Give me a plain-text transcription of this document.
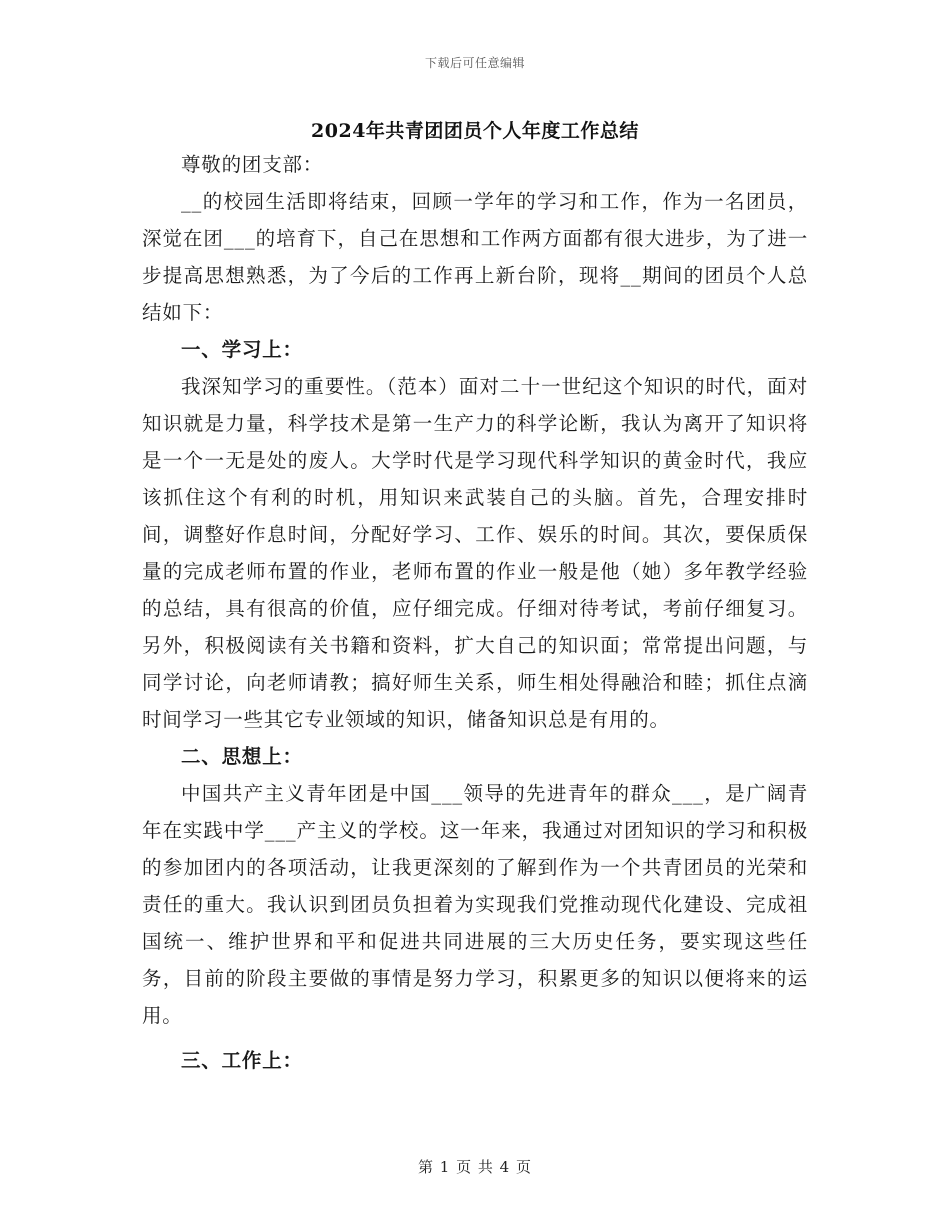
下载后可任意编辑
2024年共青团团员个人年度工作总结

尊敬的团支部：

__的校园生活即将结束，回顾一学年的学习和工作，作为一名团员，深觉在团___的培育下，自己在思想和工作两方面都有很大进步，为了进一步提高思想熟悉，为了今后的工作再上新台阶，现将__期间的团员个人总结如下：

一、学习上：

我深知学习的重要性。（范本）面对二十一世纪这个知识的时代，面对知识就是力量，科学技术是第一生产力的科学论断，我认为离开了知识将是一个一无是处的废人。大学时代是学习现代科学知识的黄金时代，我应该抓住这个有利的时机，用知识来武装自己的头脑。首先，合理安排时间，调整好作息时间，分配好学习、工作、娱乐的时间。其次，要保质保量的完成老师布置的作业，老师布置的作业一般是他（她）多年教学经验的总结，具有很高的价值，应仔细完成。仔细对待考试，考前仔细复习。另外，积极阅读有关书籍和资料，扩大自己的知识面；常常提出问题，与同学讨论，向老师请教；搞好师生关系，师生相处得融洽和睦；抓住点滴时间学习一些其它专业领域的知识，储备知识总是有用的。

二、思想上：

中国共产主义青年团是中国___领导的先进青年的群众___，是广阔青年在实践中学___产主义的学校。这一年来，我通过对团知识的学习和积极的参加团内的各项活动，让我更深刻的了解到作为一个共青团员的光荣和责任的重大。我认识到团员负担着为实现我们党推动现代化建设、完成祖国统一、维护世界和平和促进共同进展的三大历史任务，要实现这些任务，目前的阶段主要做的事情是努力学习，积累更多的知识以便将来的运用。

三、工作上：

第 1 页 共 4 页
